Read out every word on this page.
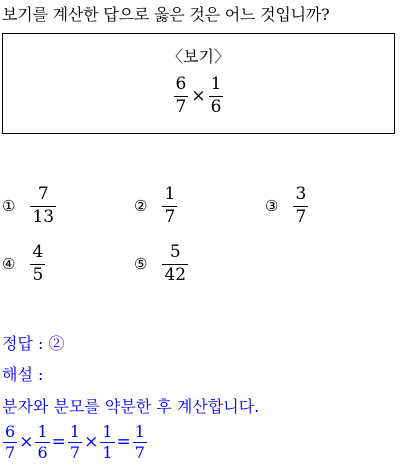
보기를 계산한 답으로 옳은 것은 어느 것입니까?
〈보기〉
$\frac{6}{7} \times \frac{1}{6}$
① $\frac{7}{13}$	② $\frac{1}{7}$	③ $\frac{3}{7}$
④ $\frac{4}{5}$	⑤ $\frac{5}{42}$
정답 : ②
해설 :
분자와 분모를 약분한 후 계산합니다.
$\frac{6}{7} \times \frac{1}{6} = \frac{1}{7} \times \frac{1}{1} = \frac{1}{7}$
